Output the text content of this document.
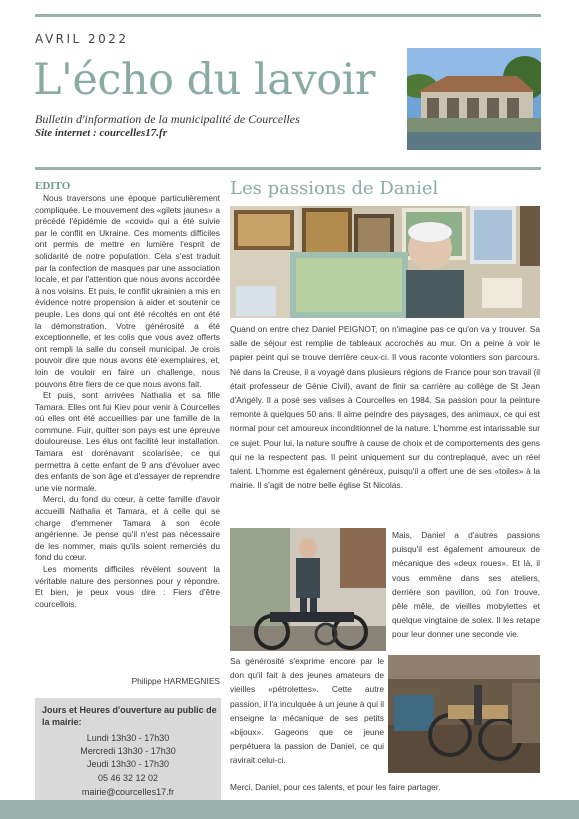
AVRIL 2022
L'écho du lavoir
Bulletin d'information de la municipalité de Courcelles
Site internet : courcelles17.fr
EDITO

Nous traversons une époque particulièrement compliquée. Le mouvement des «gilets jaunes» a précédé l'épidémie de «covid» qui a été suivie par le conflit en Ukraine. Ces moments difficiles ont permis de mettre en lumière l'esprit de solidarité de notre population. Cela s'est traduit par la confection de masques par une association locale, et par l'attention que nous avons accordée à nos voisins. Et puis, le conflit ukrainien a mis en évidence notre propension à aider et soutenir ce peuple. Les dons qui ont été récoltés en ont été la démonstration. Votre générosité a été exceptionnelle, et les colis que vous avez offerts ont rempli la salle du conseil municipal. Je crois pouvoir dire que nous avons été exemplaires, et, loin de vouloir en faire un challenge, nous pouvons être fiers de ce que nous avons fait.

Et puis, sont arrivées Nathalia et sa fille Tamara. Elles ont fui Kiev pour venir à Courcelles où elles ont été accueillies par une famille de la commune. Fuir, quitter son pays est une épreuve douloureuse. Les élus ont facilité leur installation. Tamara est dorénavant scolarisée, ce qui permettra à cette enfant de 9 ans d'évoluer avec des enfants de son âge et d'essayer de reprendre une vie normale.

Merci, du fond du cœur, à cette famille d'avoir accueilli Nathalia et Tamara, et à celle qui se charge d'emmener Tamara à son école angérienne. Je pense qu'il n'est pas nécessaire de les nommer, mais qu'ils soient remerciés du fond du cœur.

Les moments difficiles révèlent souvent la véritable nature des personnes pour y répondre. Et bien, je peux vous dire : Fiers d'être courcellois.

Philippe HARMEGNIES
Jours et Heures d'ouverture au public de la mairie:
Lundi 13h30 - 17h30
Mercredi 13h30 - 17h30
Jeudi 13h30 - 17h30
05 46 32 12 02
mairie@courcelles17.fr
Les passions de Daniel
Quand on entre chez Daniel PEIGNOT, on n'imagine pas ce qu'on va y trouver. Sa salle de séjour est remplie de tableaux accrochés au mur. On a peine à voir le papier peint qui se trouve derrière ceux-ci. Il vous raconte volontiers son parcours. Né dans la Creuse, il a voyagé dans plusieurs régions de France pour son travail (il était professeur de Génie Civil), avant de finir sa carrière au collège de St Jean d'Angély. Il a posé ses valises à Courcelles en 1984. Sa passion pour la peinture remonte à quelques 50 ans. Il aime peindre des paysages, des animaux, ce qui est normal pour cet amoureux inconditionnel de la nature. L'homme est intarissable sur ce sujet. Pour lui, la nature souffre à cause de choix et de comportements des gens qui ne la respectent pas. Il peint uniquement sur du contreplaqué, avec un réel talent. L'homme est également généreux, puisqu'il a offert une de ses «toiles» à la mairie. Il s'agit de notre belle église St Nicolas.
Mais, Daniel a d'autres passions puisqu'il est également amoureux de mécanique des «deux roues». Et là, il vous emmène dans ses ateliers, derrière son pavillon, où l'on trouve, pêle mêle, de vieilles mobylettes et quelque vingtaine de solex. Il les retape pour leur donner une seconde vie.
Sa générosité s'exprime encore par le don qu'il fait à des jeunes amateurs de vieilles «pétrolettes». Cette autre passion, il l'a inculquée à un jeune à qui il enseigne la mécanique de ses petits «bijoux». Gageons que ce jeune perpétuera la passion de Daniel, ce qui ravirait celui-ci.
Merci, Daniel, pour ces talents, et pour les faire partager.
